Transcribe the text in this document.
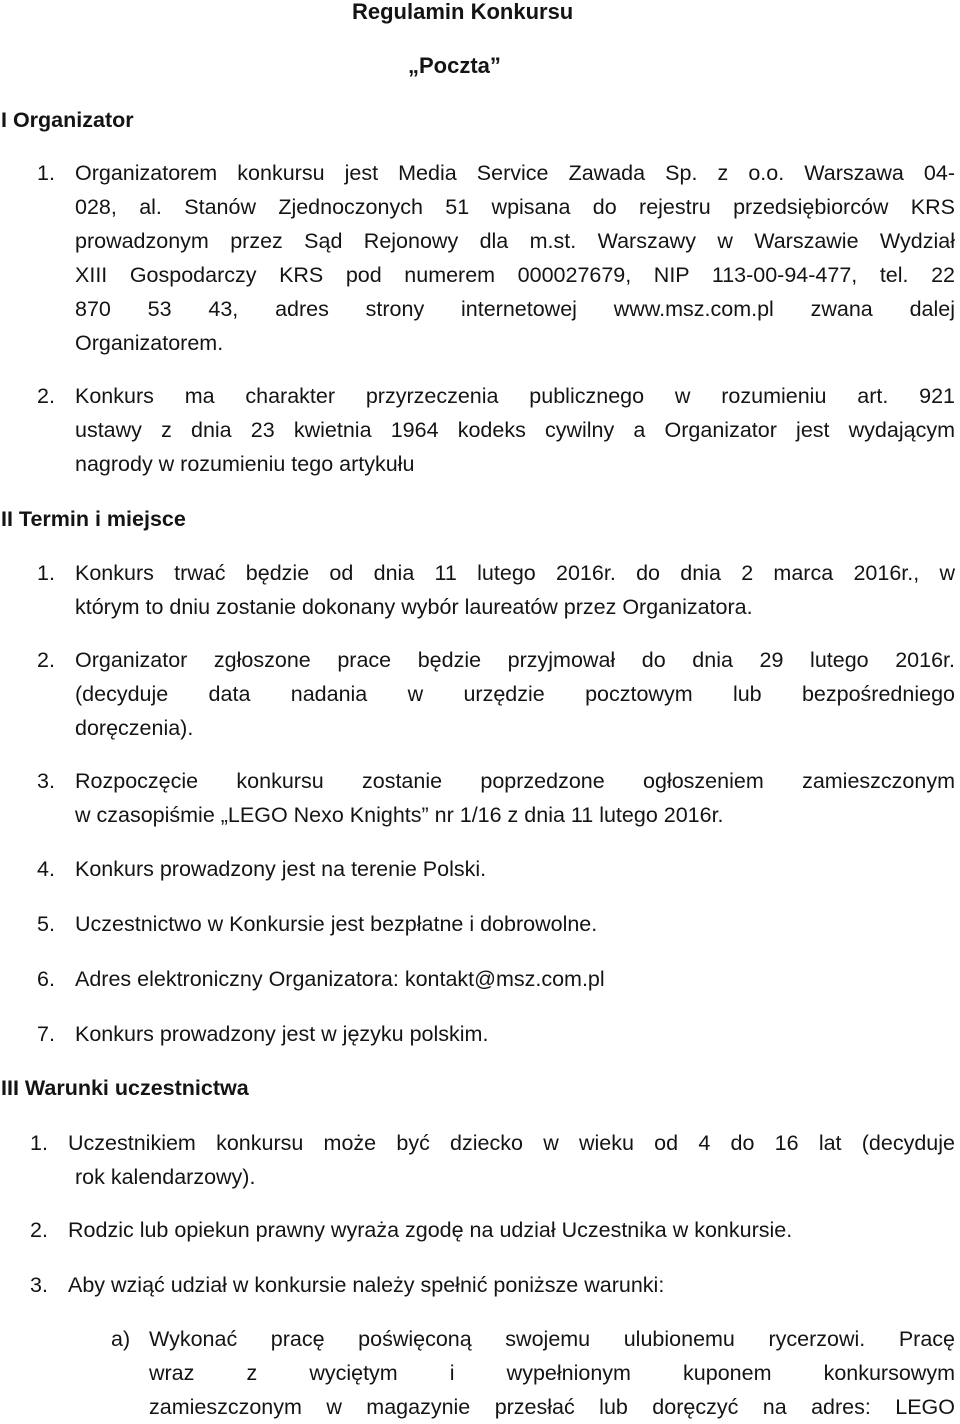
Regulamin Konkursu
„Poczta”
I Organizator
1. Organizatorem konkursu jest Media Service Zawada Sp. z o.o. Warszawa 04-
028, al. Stanów Zjednoczonych 51 wpisana do rejestru przedsiębiorców KRS
prowadzonym przez Sąd Rejonowy dla m.st. Warszawy w Warszawie Wydział
XIII Gospodarczy KRS pod numerem 000027679, NIP 113-00-94-477, tel. 22
870 53 43, adres strony internetowej www.msz.com.pl zwana dalej
Organizatorem.
2. Konkurs ma charakter przyrzeczenia publicznego w rozumieniu art. 921
ustawy z dnia 23 kwietnia 1964 kodeks cywilny a Organizator jest wydającym
nagrody w rozumieniu tego artykułu
II Termin i miejsce
1. Konkurs trwać będzie od dnia 11 lutego 2016r. do dnia 2 marca 2016r., w
którym to dniu zostanie dokonany wybór laureatów przez Organizatora.
2. Organizator zgłoszone prace będzie przyjmował do dnia 29 lutego 2016r.
(decyduje data nadania w urzędzie pocztowym lub bezpośredniego
doręczenia).
3. Rozpoczęcie konkursu zostanie poprzedzone ogłoszeniem zamieszczonym
w czasopiśmie „LEGO Nexo Knights” nr 1/16 z dnia 11 lutego 2016r.
4. Konkurs prowadzony jest na terenie Polski.
5. Uczestnictwo w Konkursie jest bezpłatne i dobrowolne.
6. Adres elektroniczny Organizatora: kontakt@msz.com.pl
7. Konkurs prowadzony jest w języku polskim.
III Warunki uczestnictwa
1. Uczestnikiem konkursu może być dziecko w wieku od 4 do 16 lat (decyduje
rok kalendarzowy).
2. Rodzic lub opiekun prawny wyraża zgodę na udział Uczestnika w konkursie.
3. Aby wziąć udział w konkursie należy spełnić poniższe warunki:
a) Wykonać pracę poświęconą swojemu ulubionemu rycerzowi. Pracę
wraz z wyciętym i wypełnionym kuponem konkursowym
zamieszczonym w magazynie przesłać lub doręczyć na adres: LEGO
